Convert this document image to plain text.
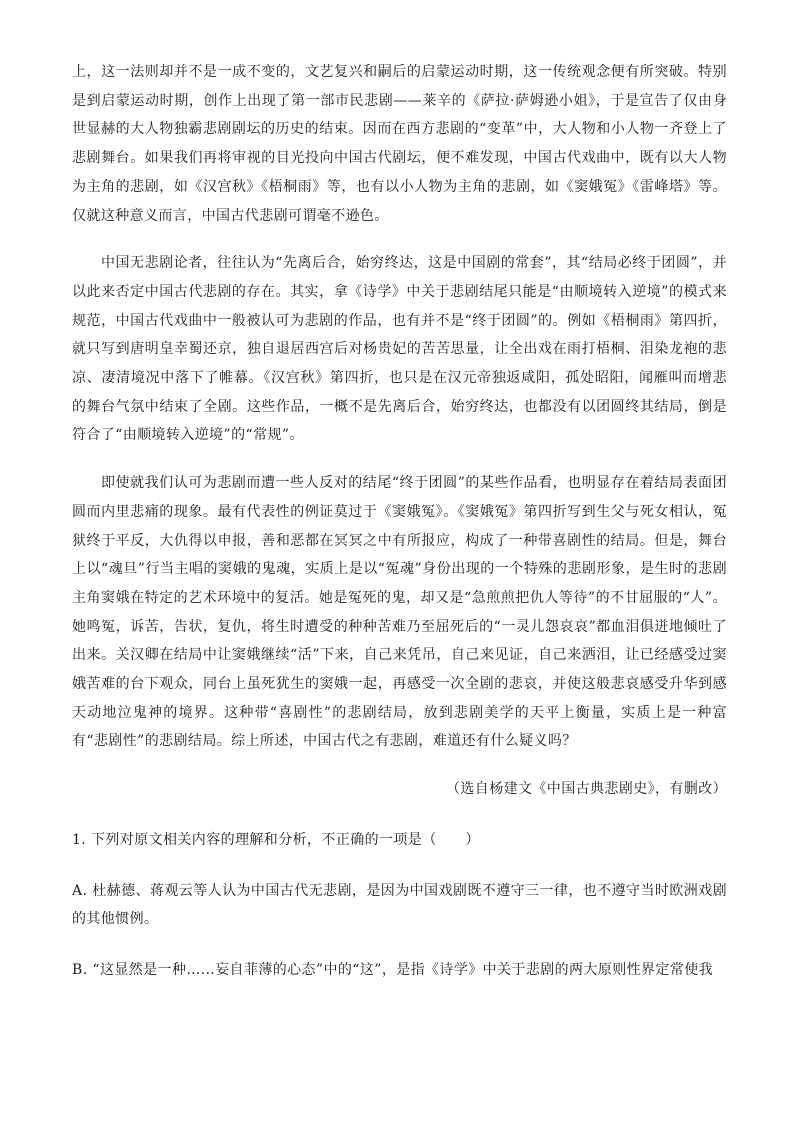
上，这一法则却并不是一成不变的，文艺复兴和嗣后的启蒙运动时期，这一传统观念便有所突破。特别是到启蒙运动时期，创作上出现了第一部市民悲剧——莱辛的《萨拉·萨姆逊小姐》，于是宣告了仅由身世显赫的大人物独霸悲剧剧坛的历史的结束。因而在西方悲剧的“变革”中，大人物和小人物一齐登上了悲剧舞台。如果我们再将审视的目光投向中国古代剧坛，便不难发现，中国古代戏曲中，既有以大人物为主角的悲剧，如《汉宫秋》《梧桐雨》等，也有以小人物为主角的悲剧，如《窦娥冤》《雷峰塔》等。仅就这种意义而言，中国古代悲剧可谓毫不逊色。

中国无悲剧论者，往往认为“先离后合，始穷终达，这是中国剧的常套”，其“结局必终于团圆”，并以此来否定中国古代悲剧的存在。其实，拿《诗学》中关于悲剧结尾只能是“由顺境转入逆境”的模式来规范，中国古代戏曲中一般被认可为悲剧的作品，也有并不是“终于团圆”的。例如《梧桐雨》第四折，就只写到唐明皇幸蜀还京，独自退居西宫后对杨贵妃的苦苦思量，让全出戏在雨打梧桐、泪染龙袍的悲凉、凄清境况中落下了帷幕。《汉宫秋》第四折，也只是在汉元帝独返咸阳，孤处昭阳，闻雁叫而增悲的舞台气氛中结束了全剧。这些作品，一概不是先离后合，始穷终达，也都没有以团圆终其结局，倒是符合了“由顺境转入逆境”的“常规”。

即使就我们认可为悲剧而遭一些人反对的结尾“终于团圆”的某些作品看，也明显存在着结局表面团圆而内里悲痛的现象。最有代表性的例证莫过于《窦娥冤》。《窦娥冤》第四折写到生父与死女相认，冤狱终于平反，大仇得以申报，善和恶都在冥冥之中有所报应，构成了一种带喜剧性的结局。但是，舞台上以“魂旦”行当主唱的窦娥的鬼魂，实质上是以“冤魂”身份出现的一个特殊的悲剧形象，是生时的悲剧主角窦娥在特定的艺术环境中的复活。她是冤死的鬼，却又是“急煎煎把仇人等待”的不甘屈服的“人”。她鸣冤，诉苦，告状，复仇，将生时遭受的种种苦难乃至屈死后的“一灵儿怨哀哀”都血泪俱迸地倾吐了出来。关汉卿在结局中让窦娥继续“活”下来，自己来凭吊，自己来见证，自己来洒泪，让已经感受过窦娥苦难的台下观众，同台上虽死犹生的窦娥一起，再感受一次全剧的悲哀，并使这般悲哀感受升华到感天动地泣鬼神的境界。这种带“喜剧性”的悲剧结局，放到悲剧美学的天平上衡量，实质上是一种富有“悲剧性”的悲剧结局。综上所述，中国古代之有悲剧，难道还有什么疑义吗？

（选自杨建文《中国古典悲剧史》，有删改）

1. 下列对原文相关内容的理解和分析，不正确的一项是（　　）

A. 杜赫德、蒋观云等人认为中国古代无悲剧，是因为中国戏剧既不遵守三一律，也不遵守当时欧洲戏剧的其他惯例。

B. “这显然是一种……妄自菲薄的心态”中的“这”，是指《诗学》中关于悲剧的两大原则性界定常使我
